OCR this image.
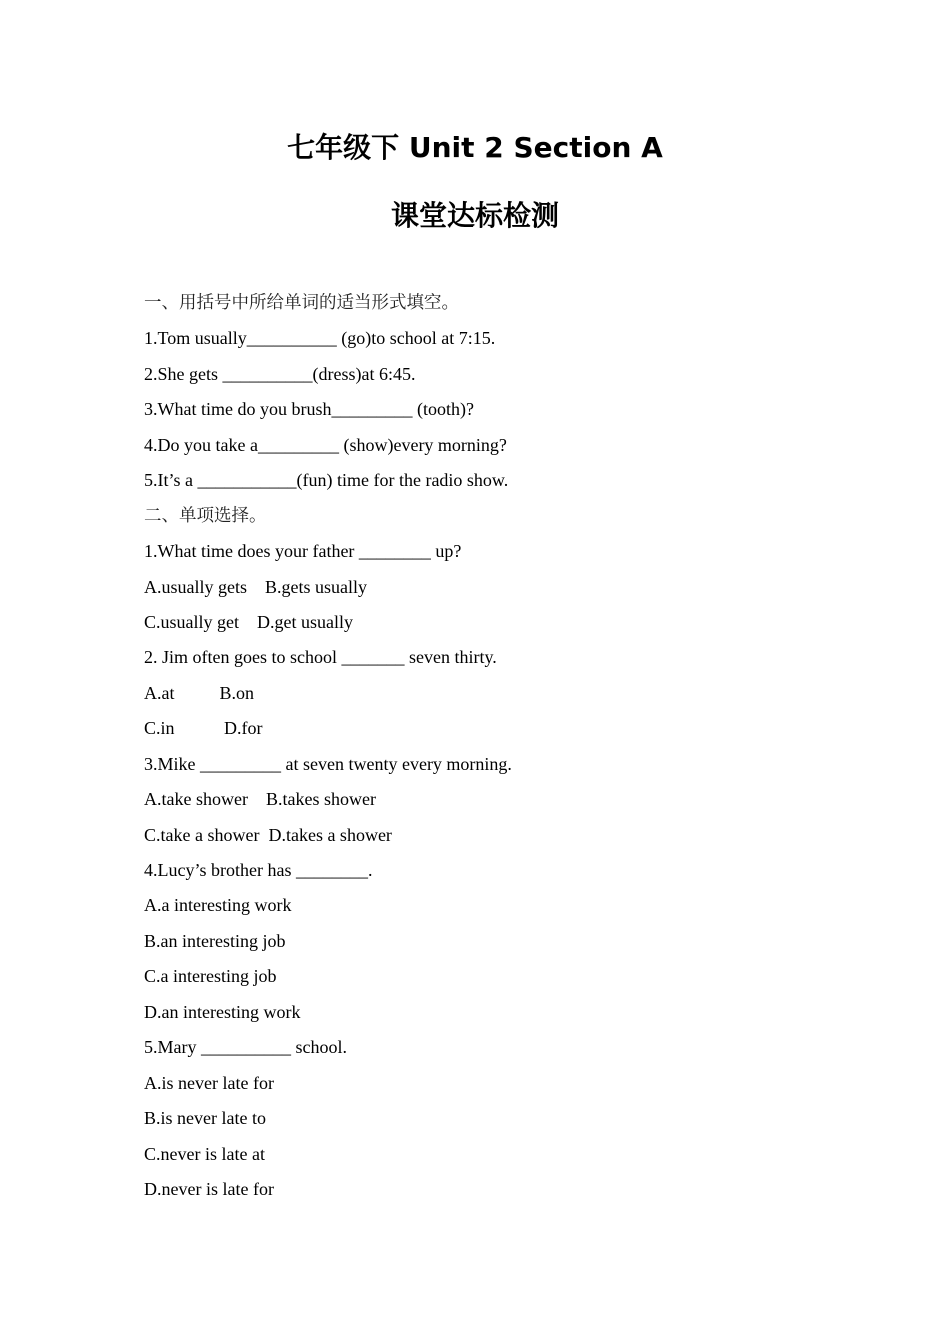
七年级下 Unit 2 Section A
课堂达标检测
一、用括号中所给单词的适当形式填空。
1.Tom usually__________ (go)to school at 7:15.
2.She gets __________(dress)at 6:45.
3.What time do you brush_________ (tooth)?
4.Do you take a_________ (show)every morning?
5.It’s a ___________(fun) time for the radio show.
二、单项选择。
1.What time does your father ________ up?
A.usually gets    B.gets usually
C.usually get    D.get usually
2. Jim often goes to school _______ seven thirty.
A.at          B.on
C.in           D.for
3.Mike _________ at seven twenty every morning.
A.take shower    B.takes shower
C.take a shower  D.takes a shower
4.Lucy’s brother has ________.
A.a interesting work
B.an interesting job
C.a interesting job
D.an interesting work
5.Mary __________ school.
A.is never late for
B.is never late to
C.never is late at
D.never is late for
